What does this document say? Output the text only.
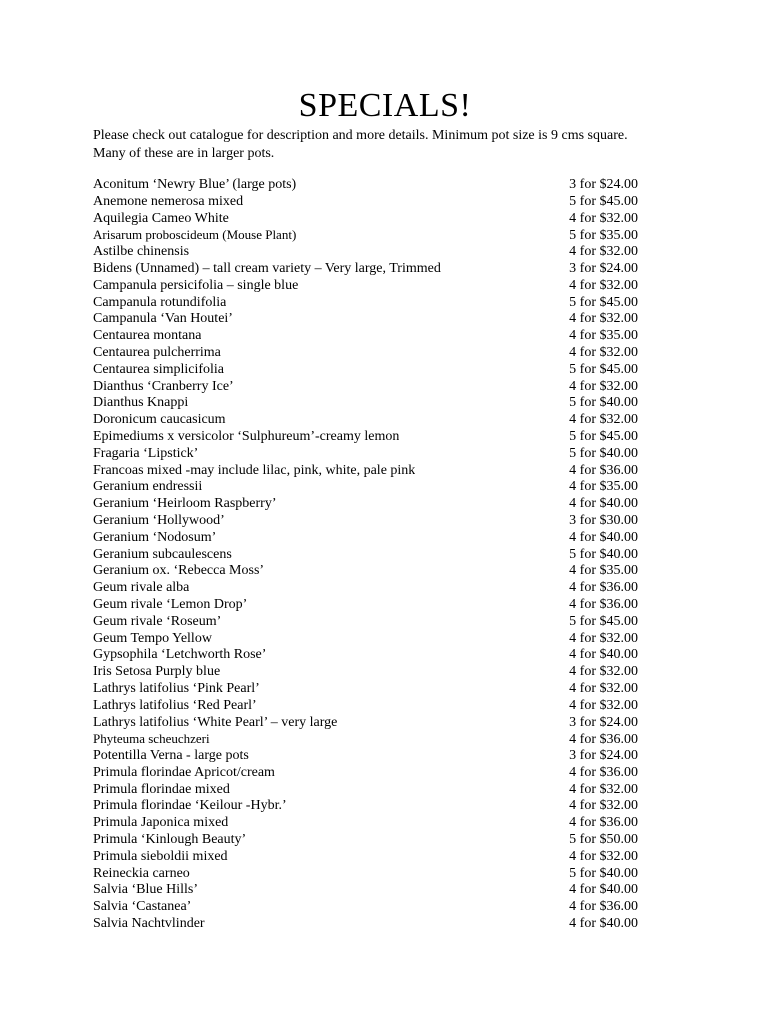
SPECIALS!
Please check out catalogue for description and more details. Minimum pot size is 9 cms square. Many of these are in larger pots.
Aconitum ‘Newry Blue’ (large pots)	3 for $24.00
Anemone nemerosa mixed	5 for $45.00
Aquilegia Cameo White	4 for $32.00
Arisarum proboscideum (Mouse Plant)	5 for $35.00
Astilbe chinensis	4 for $32.00
Bidens (Unnamed) – tall cream variety – Very large, Trimmed	3 for $24.00
Campanula persicifolia – single blue	4 for $32.00
Campanula rotundifolia	5 for $45.00
Campanula ‘Van Houtei’	4 for $32.00
Centaurea montana	4 for $35.00
Centaurea pulcherrima	4 for $32.00
Centaurea simplicifolia	5 for $45.00
Dianthus ‘Cranberry Ice’	4 for $32.00
Dianthus Knappi	5 for $40.00
Doronicum caucasicum	4 for $32.00
Epimediums x versicolor ‘Sulphureum’-creamy lemon	5 for $45.00
Fragaria ‘Lipstick’	5 for $40.00
Francoas mixed -may include lilac, pink, white, pale pink	4 for $36.00
Geranium endressii	4 for $35.00
Geranium ‘Heirloom Raspberry’	4 for $40.00
Geranium ‘Hollywood’	3 for $30.00
Geranium ‘Nodosum’	4 for $40.00
Geranium subcaulescens	5 for $40.00
Geranium ox. ‘Rebecca Moss’	4 for $35.00
Geum rivale alba	4 for $36.00
Geum rivale ‘Lemon Drop’	4 for $36.00
Geum rivale ‘Roseum’	5 for $45.00
Geum Tempo Yellow	4 for $32.00
Gypsophila ‘Letchworth Rose’	4 for $40.00
Iris Setosa Purply blue	4 for $32.00
Lathrys latifolius ‘Pink Pearl’	4 for $32.00
Lathrys latifolius ‘Red Pearl’	4 for $32.00
Lathrys latifolius ‘White Pearl’ – very large	3 for $24.00
Phyteuma scheuchzeri	4 for $36.00
Potentilla Verna - large pots	3 for $24.00
Primula florindae Apricot/cream	4 for $36.00
Primula florindae mixed	4 for $32.00
Primula florindae ‘Keilour -Hybr.’	4 for $32.00
Primula Japonica mixed	4 for $36.00
Primula ‘Kinlough Beauty’	5 for $50.00
Primula sieboldii mixed	4 for $32.00
Reineckia carneo	5 for $40.00
Salvia ‘Blue Hills’	4 for $40.00
Salvia ‘Castanea’	4 for $36.00
Salvia Nachtvlinder	4 for $40.00
